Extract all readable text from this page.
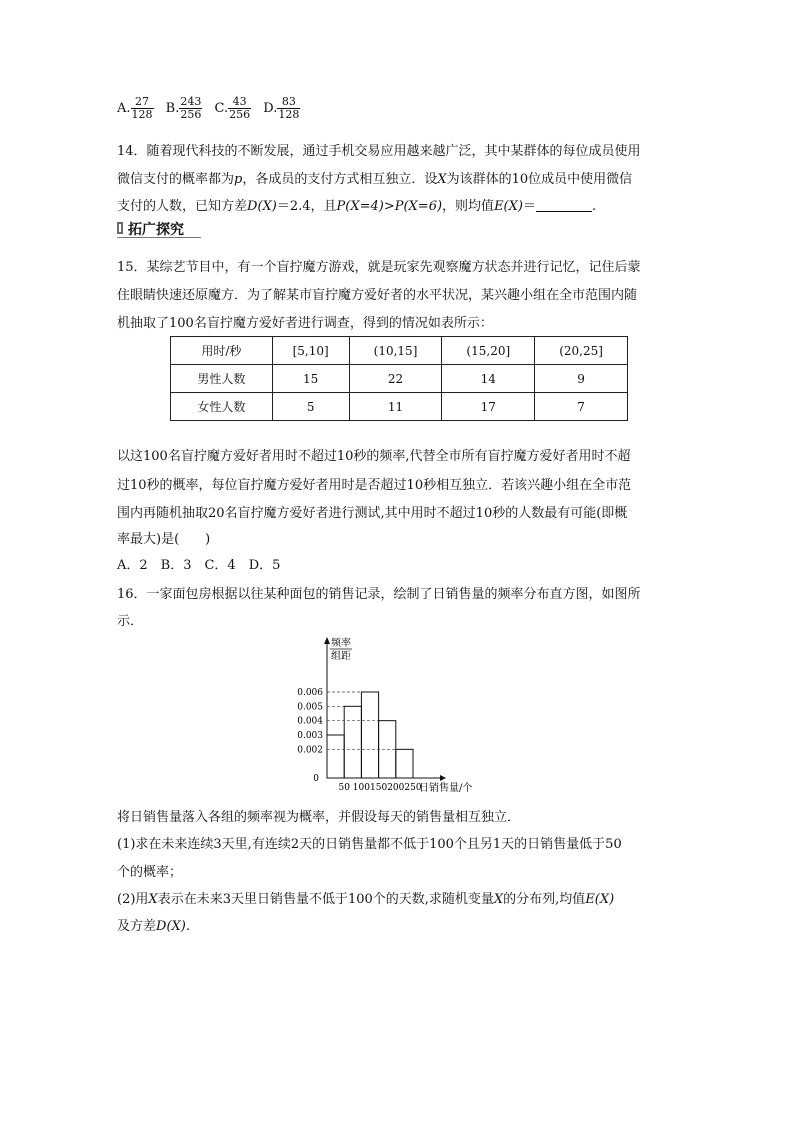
A. $\frac{27}{128} B$. $\frac{243}{256} C$. $\frac{43}{256} D$. $\frac{83}{128}$
14．随着现代科技的不断发展，通过手机交易应用越来越广泛，其中某群体的每位成员使用
微信支付的概率都为p，各成员的支付方式相互独立．设X为该群体的10位成员中使用微信
支付的人数，已知方差D(X)＝2.4，且P(X=4)>P(X=6)，则均值E(X)＝	.
拓广探究
15．某综艺节目中，有一个盲拧魔方游戏，就是玩家先观察魔方状态并进行记忆，记住后蒙
住眼睛快速还原魔方．为了解某市盲拧魔方爱好者的水平状况，某兴趣小组在全市范围内随
机抽取了100名盲拧魔方爱好者进行调查，得到的情况如表所示：
用时/秒	[5,10]	(10,15]	(15,20]	(20,25]
男性人数	15	22	14	9
女性人数	5	11	17	7
以这100名盲拧魔方爱好者用时不超过10秒的频率,代替全市所有盲拧魔方爱好者用时不超
过10秒的概率，每位盲拧魔方爱好者用时是否超过10秒相互独立．若该兴趣小组在全市范
围内再随机抽取20名盲拧魔方爱好者进行测试,其中用时不超过10秒的人数最有可能(即概
率最大)是(　　)
A．2　B．3　C．4　D．5
16．一家面包房根据以往某种面包的销售记录，绘制了日销售量的频率分布直方图，如图所
示．
频率
组距
0
0.006
0.005
0.004
0.003
0.002
50 100 150 200 250
日销售量/个
将日销售量落入各组的频率视为概率，并假设每天的销售量相互独立．
(1)求在未来连续3天里,有连续2天的日销售量都不低于100个且另1天的日销售量低于50
个的概率；
(2)用X表示在未来3天里日销售量不低于100个的天数,求随机变量X的分布列,均值E(X)
及方差D(X).
